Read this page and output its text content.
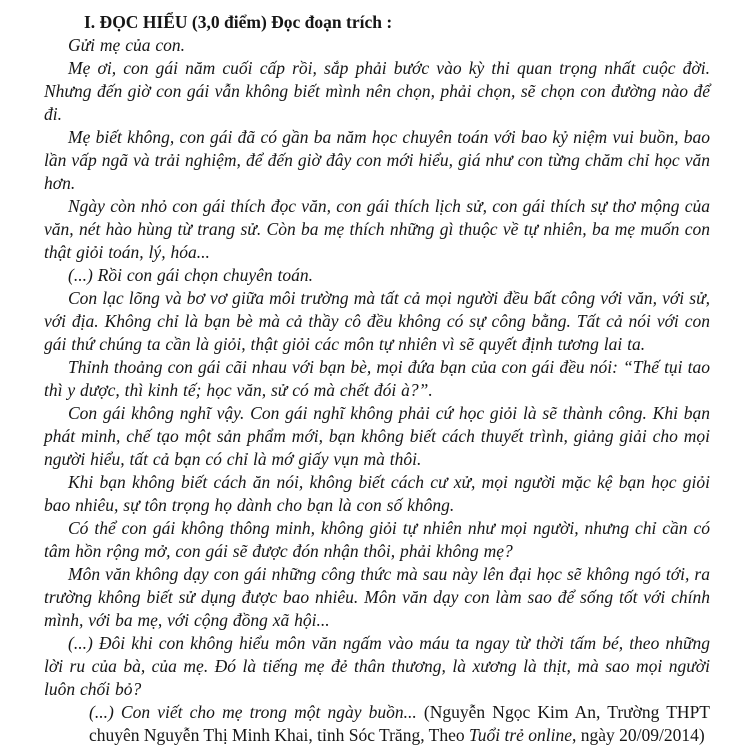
I. ĐỌC HIỂU (3,0 điểm) Đọc đoạn trích :

Gửi mẹ của con.

Mẹ ơi, con gái năm cuối cấp rồi, sắp phải bước vào kỳ thi quan trọng nhất cuộc đời. Nhưng đến giờ con gái vẫn không biết mình nên chọn, phải chọn, sẽ chọn con đường nào để đi.

Mẹ biết không, con gái đã có gần ba năm học chuyên toán với bao kỷ niệm vui buồn, bao lần vấp ngã và trải nghiệm, để đến giờ đây con mới hiểu, giá như con từng chăm chỉ học văn hơn.

Ngày còn nhỏ con gái thích đọc văn, con gái thích lịch sử, con gái thích sự thơ mộng của văn, nét hào hùng từ trang sử. Còn ba mẹ thích những gì thuộc về tự nhiên, ba mẹ muốn con thật giỏi toán, lý, hóa...

(...) Rồi con gái chọn chuyên toán.

Con lạc lõng và bơ vơ giữa môi trường mà tất cả mọi người đều bất công với văn, với sử, với địa. Không chỉ là bạn bè mà cả thầy cô đều không có sự công bằng. Tất cả nói với con gái thứ chúng ta cần là giỏi, thật giỏi các môn tự nhiên vì sẽ quyết định tương lai ta.

Thỉnh thoảng con gái cãi nhau với bạn bè, mọi đứa bạn của con gái đều nói: “Thế tụi tao thì y dược, thì kinh tế; học văn, sử có mà chết đói à?”.

Con gái không nghĩ vậy. Con gái nghĩ không phải cứ học giỏi là sẽ thành công. Khi bạn phát minh, chế tạo một sản phẩm mới, bạn không biết cách thuyết trình, giảng giải cho mọi người hiểu, tất cả bạn có chỉ là mớ giấy vụn mà thôi.

Khi bạn không biết cách ăn nói, không biết cách cư xử, mọi người mặc kệ bạn học giỏi bao nhiêu, sự tôn trọng họ dành cho bạn là con số không.

Có thể con gái không thông minh, không giỏi tự nhiên như mọi người, nhưng chỉ cần có tâm hồn rộng mở, con gái sẽ được đón nhận thôi, phải không mẹ?

Môn văn không dạy con gái những công thức mà sau này lên đại học sẽ không ngó tới, ra trường không biết sử dụng được bao nhiêu. Môn văn dạy con làm sao để sống tốt với chính mình, với ba mẹ, với cộng đồng xã hội...

(...) Đôi khi con không hiểu môn văn ngấm vào máu ta ngay từ thời tấm bé, theo những lời ru của bà, của mẹ. Đó là tiếng mẹ đẻ thân thương, là xương là thịt, mà sao mọi người luôn chối bỏ?

(...) Con viết cho mẹ trong một ngày buồn... (Nguyễn Ngọc Kim An, Trường THPT chuyên Nguyễn Thị Minh Khai, tỉnh Sóc Trăng, Theo Tuổi trẻ online, ngày 20/09/2014)
